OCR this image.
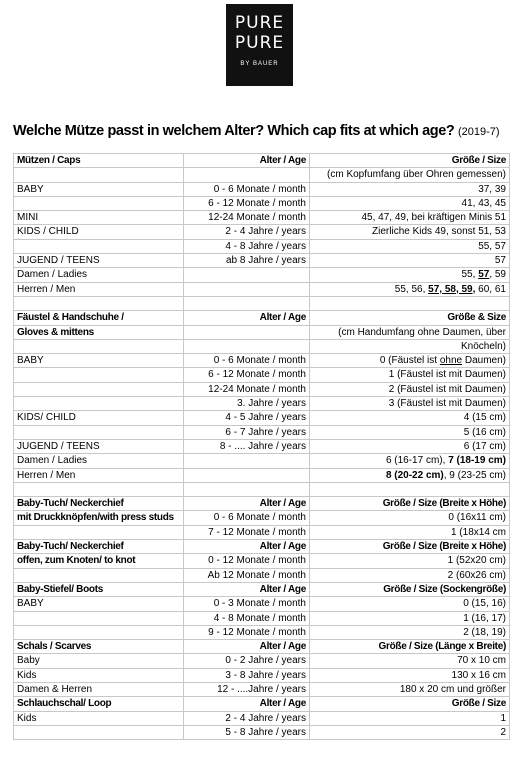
PURE
PURE
BY BAUER
Welche Mütze passt in welchem Alter? Which cap fits at which age? (2019-7)
Mützen / Caps	Alter / Age	Größe / Size
		(cm Kopfumfang über Ohren gemessen)
BABY	0 - 6 Monate / month	37, 39
	6 - 12 Monate / month	41, 43, 45
MINI	12-24 Monate / month	45, 47, 49, bei kräftigen Minis 51
KIDS / CHILD	2 - 4 Jahre / years	Zierliche Kids 49, sonst 51, 53
	4 - 8 Jahre / years	55, 57
JUGEND / TEENS	ab 8 Jahre / years	57
Damen / Ladies		55, 57, 59
Herren / Men		55, 56, 57, 58, 59, 60, 61

Fäustel & Handschuhe /	Alter / Age	Größe & Size
Gloves & mittens		(cm Handumfang ohne Daumen, über
		Knöcheln)
BABY	0 - 6 Monate / month	0 (Fäustel ist ohne Daumen)
	6 - 12 Monate / month	1 (Fäustel ist mit Daumen)
	12-24 Monate / month	2 (Fäustel ist mit Daumen)
	3. Jahre / years	3 (Fäustel ist mit Daumen)
KIDS/ CHILD	4 - 5 Jahre / years	4 (15 cm)
	6 - 7 Jahre / years	5 (16 cm)
JUGEND / TEENS	8 - .... Jahre / years	6 (17 cm)
Damen / Ladies		6 (16-17 cm), 7 (18-19 cm)
Herren / Men		8 (20-22 cm), 9 (23-25 cm)

Baby-Tuch/ Neckerchief	Alter / Age	Größe / Size (Breite x Höhe)
mit Druckknöpfen/with press studs	0 - 6 Monate / month	0 (16x11 cm)
	7 - 12 Monate / month	1 (18x14 cm
Baby-Tuch/ Neckerchief	Alter / Age	Größe / Size (Breite x Höhe)
offen, zum Knoten/ to knot	0 - 12 Monate / month	1 (52x20 cm)
	Ab 12 Monate / month	2 (60x26 cm)
Baby-Stiefel/ Boots	Alter / Age	Größe / Size (Sockengröße)
BABY	0 - 3 Monate / month	0 (15, 16)
	4 - 8 Monate / month	1 (16, 17)
	9 - 12 Monate / month	2 (18, 19)
Schals / Scarves	Alter / Age	Größe / Size (Länge x Breite)
Baby	0 - 2 Jahre / years	70 x 10 cm
Kids	3 - 8 Jahre / years	130 x 16 cm
Damen & Herren	12 - ....Jahre / years	180 x 20 cm und größer
Schlauchschal/ Loop	Alter / Age	Größe / Size
Kids	2 - 4 Jahre / years	1
	5 - 8 Jahre / years	2
